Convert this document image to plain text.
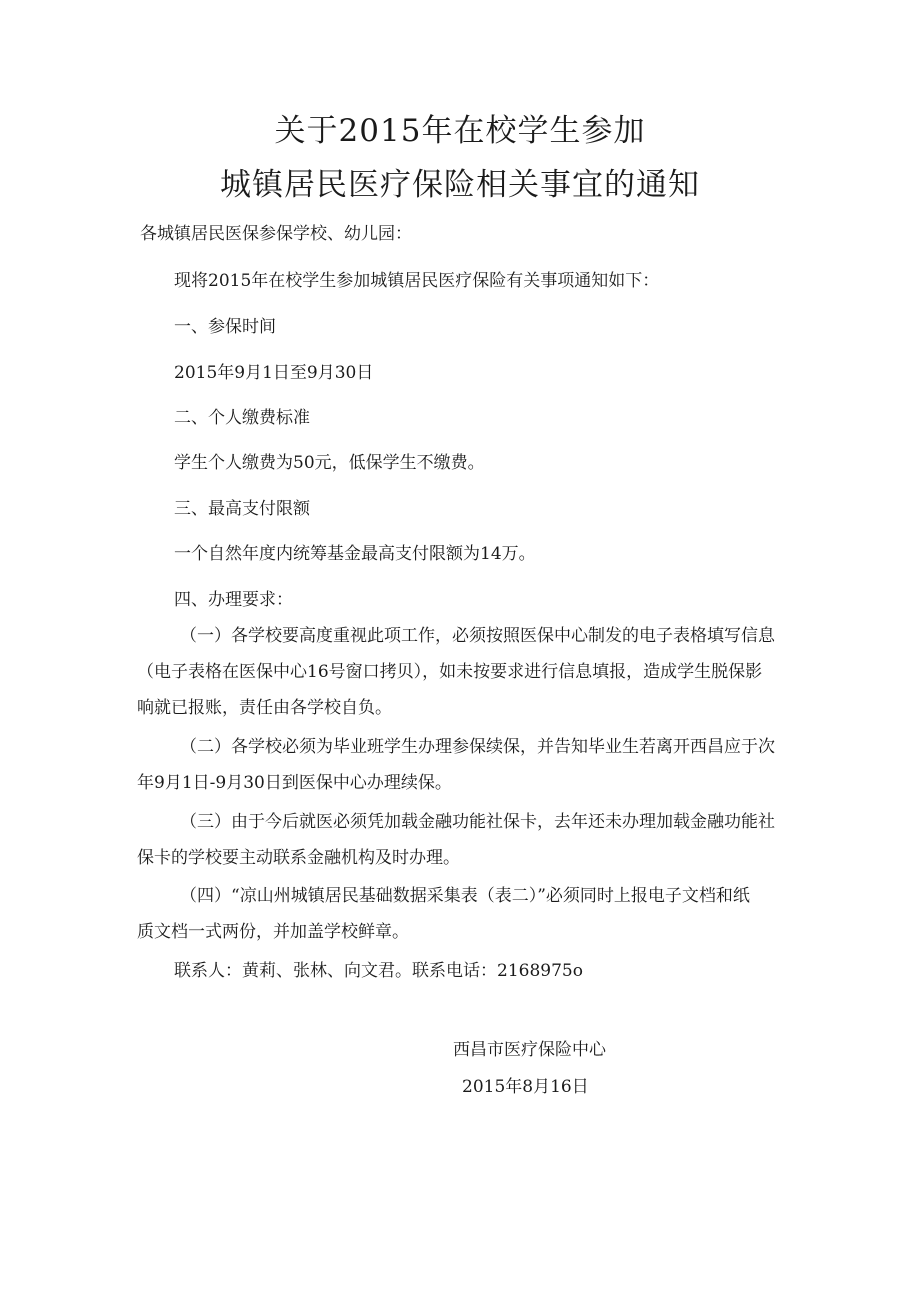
关于2015年在校学生参加
城镇居民医疗保险相关事宜的通知
各城镇居民医保参保学校、幼儿园：
现将2015年在校学生参加城镇居民医疗保险有关事项通知如下：
一、参保时间
2015年9月1日至9月30日
二、个人缴费标准
学生个人缴费为50元，低保学生不缴费。
三、最高支付限额
一个自然年度内统筹基金最高支付限额为14万。
四、办理要求：
（一）各学校要高度重视此项工作，必须按照医保中心制发的电子表格填写信息
（电子表格在医保中心16号窗口拷贝），如未按要求进行信息填报，造成学生脱保影
响就已报账，责任由各学校自负。
（二）各学校必须为毕业班学生办理参保续保，并告知毕业生若离开西昌应于次
年9月1日-9月30日到医保中心办理续保。
（三）由于今后就医必须凭加载金融功能社保卡，去年还未办理加载金融功能社
保卡的学校要主动联系金融机构及时办理。
（四）“凉山州城镇居民基础数据采集表（表二）”必须同时上报电子文档和纸
质文档一式两份，并加盖学校鲜章。
联系人：黄莉、张林、向文君。联系电话：2168975o
西昌市医疗保险中心
2015年8月16日
